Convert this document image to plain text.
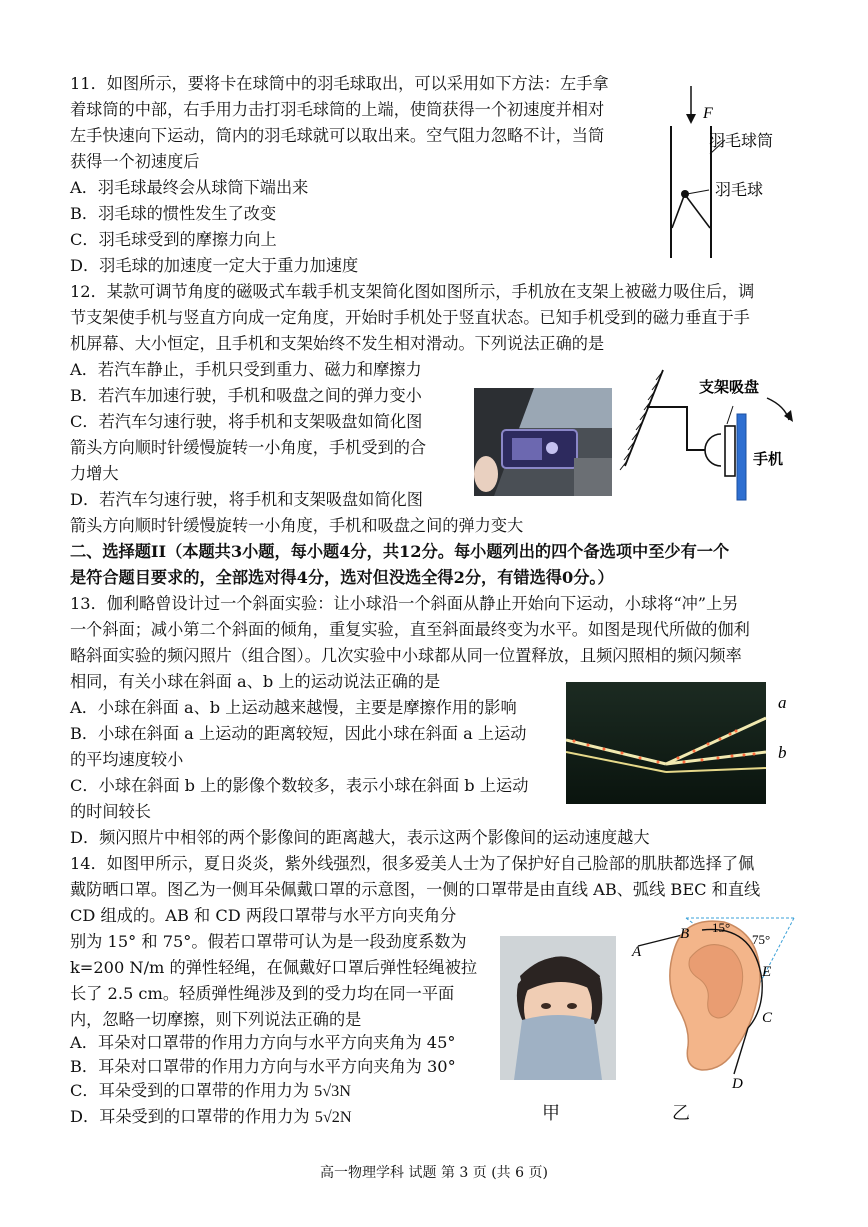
11．如图所示，要将卡在球筒中的羽毛球取出，可以采用如下方法：左手拿
着球筒的中部，右手用力击打羽毛球筒的上端，使筒获得一个初速度并相对
左手快速向下运动，筒内的羽毛球就可以取出来。空气阻力忽略不计，当筒
获得一个初速度后
A．羽毛球最终会从球筒下端出来
B．羽毛球的惯性发生了改变
C．羽毛球受到的摩擦力向上
D．羽毛球的加速度一定大于重力加速度
F
羽毛球筒
羽毛球
12．某款可调节角度的磁吸式车载手机支架简化图如图所示，手机放在支架上被磁力吸住后，调
节支架使手机与竖直方向成一定角度，开始时手机处于竖直状态。已知手机受到的磁力垂直于手
机屏幕、大小恒定，且手机和支架始终不发生相对滑动。下列说法正确的是
A．若汽车静止，手机只受到重力、磁力和摩擦力
B．若汽车加速行驶，手机和吸盘之间的弹力变小
C．若汽车匀速行驶，将手机和支架吸盘如简化图
箭头方向顺时针缓慢旋转一小角度，手机受到的合
力增大
D．若汽车匀速行驶，将手机和支架吸盘如简化图
箭头方向顺时针缓慢旋转一小角度，手机和吸盘之间的弹力变大
支架吸盘
手机
二、选择题II（本题共3小题，每小题4分，共12分。每小题列出的四个备选项中至少有一个
是符合题目要求的，全部选对得4分，选对但没选全得2分，有错选得0分。）
13．伽利略曾设计过一个斜面实验：让小球沿一个斜面从静止开始向下运动，小球将“冲”上另
一个斜面；减小第二个斜面的倾角，重复实验，直至斜面最终变为水平。如图是现代所做的伽利
略斜面实验的频闪照片（组合图）。几次实验中小球都从同一位置释放，且频闪照相的频闪频率
相同，有关小球在斜面 a、b 上的运动说法正确的是
A．小球在斜面 a、b 上运动越来越慢，主要是摩擦作用的影响
B．小球在斜面 a 上运动的距离较短，因此小球在斜面 a 上运动
的平均速度较小
C．小球在斜面 b 上的影像个数较多，表示小球在斜面 b 上运动
的时间较长
D．频闪照片中相邻的两个影像间的距离越大，表示这两个影像间的运动速度越大
a
b
14．如图甲所示，夏日炎炎，紫外线强烈，很多爱美人士为了保护好自己脸部的肌肤都选择了佩
戴防晒口罩。图乙为一侧耳朵佩戴口罩的示意图，一侧的口罩带是由直线 AB、弧线 BEC 和直线
CD 组成的。AB 和 CD 两段口罩带与水平方向夹角分
别为 15° 和 75°。假若口罩带可认为是一段劲度系数为
k=200 N/m 的弹性轻绳，在佩戴好口罩后弹性轻绳被拉
长了 2.5 cm。轻质弹性绳涉及到的受力均在同一平面
内，忽略一切摩擦，则下列说法正确的是
A．耳朵对口罩带的作用力方向与水平方向夹角为 45°
B．耳朵对口罩带的作用力方向与水平方向夹角为 30°
C．耳朵受到的口罩带的作用力为 5√3N
D．耳朵受到的口罩带的作用力为 5√2N	甲
15°
75°
A
B
C
D
E
乙
高一物理学科 试题 第 3 页 (共 6 页)
